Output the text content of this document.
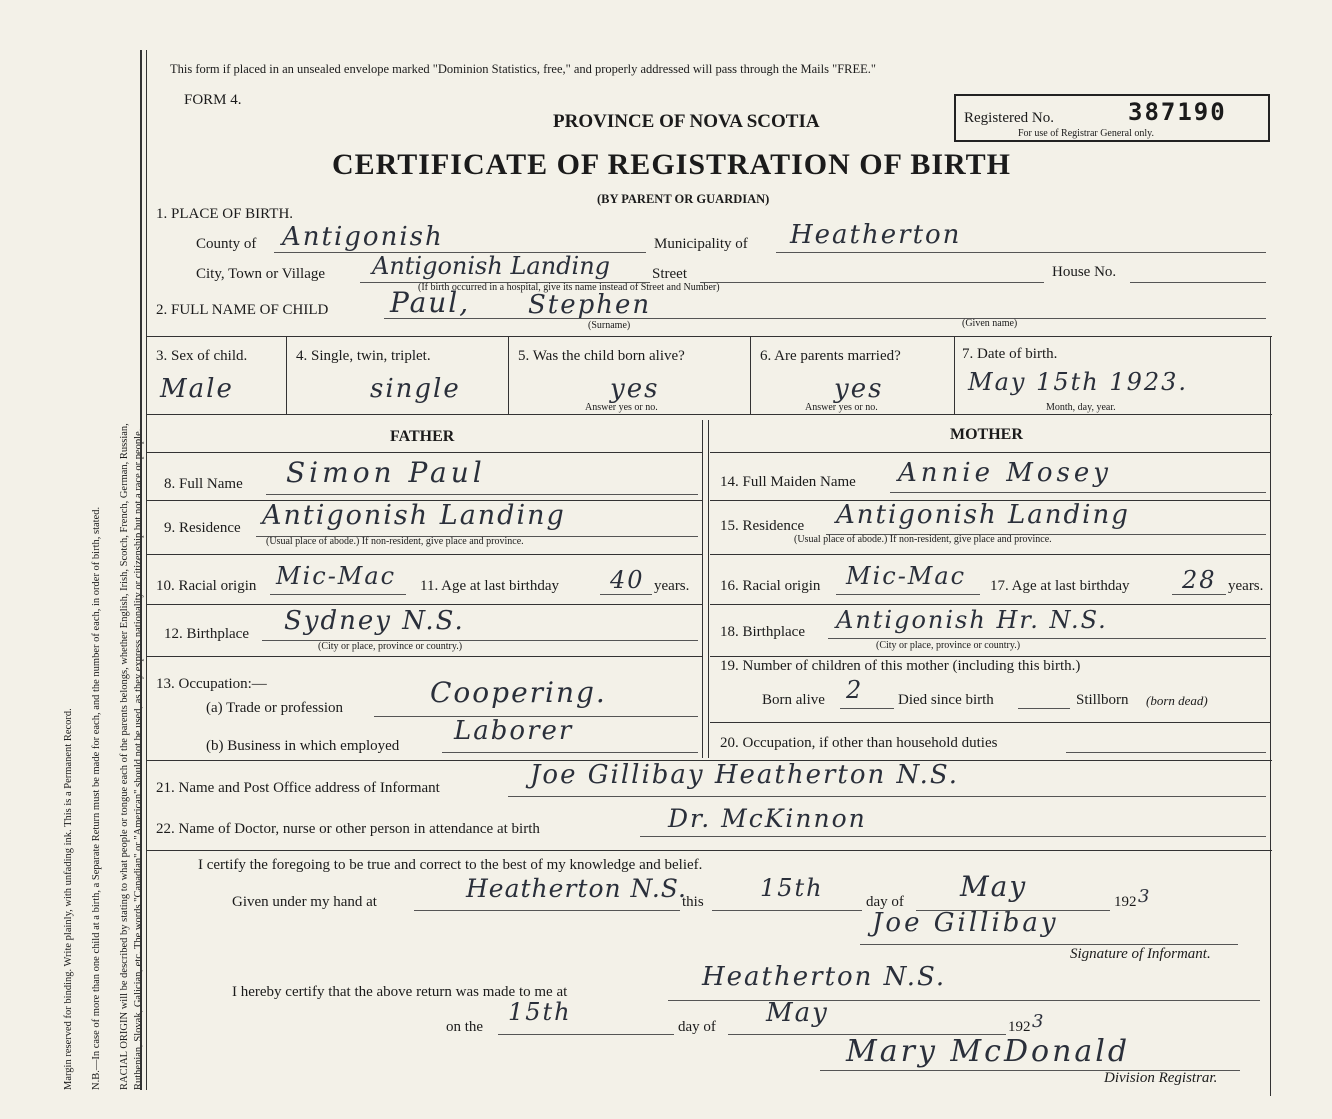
Margin reserved for binding. Write plainly, with unfading ink. This is a Permanent Record. N.B.—In case of more than one child at a birth, a Separate Return must be made for each, and the number of each, in order of birth, stated. RACIAL ORIGIN will be described by stating to what people or tongue each of the parents belongs, whether English, Irish, Scotch, French, German, Russian, Ruthenian, Slovak, Galician, etc. The words "Canadian" or "American" should not be used, as they express nationality or citizenship but not a race or people.

This form if placed in an unsealed envelope marked "Dominion Statistics, free," and properly addressed will pass through the Mails "FREE."
FORM 4.
PROVINCE OF NOVA SCOTIA
CERTIFICATE OF REGISTRATION OF BIRTH
(BY PARENT OR GUARDIAN)
Registered No.	387190
For use of Registrar General only.
1. PLACE OF BIRTH.
County of Antigonish	Municipality of Heatherton
City, Town or Village Antigonish Landing	Street	House No.
(If birth occurred in a hospital, give its name instead of Street and Number)
2. FULL NAME OF CHILD Paul, Stephen
(Surname)	(Given name)
3. Sex of child.
Male
4. Single, twin, triplet.
single
5. Was the child born alive?
yes
Answer yes or no.
6. Are parents married?
yes
Answer yes or no.
7. Date of birth.
May 15th 1923.
Month, day, year.
FATHER	MOTHER
8. Full Name Simon Paul
9. Residence Antigonish Landing
(Usual place of abode.) If non-resident, give place and province.
10. Racial origin Mic-Mac 11. Age at last birthday 40 years.
12. Birthplace Sydney N.S.
(City or place, province or country.)
13. Occupation:—
(a) Trade or profession	Coopering.
(b) Business in which employed Laborer
14. Full Maiden Name Annie Mosey
15. Residence Antigonish Landing
(Usual place of abode.) If non-resident, give place and province.
16. Racial origin Mic-Mac 17. Age at last birthday 28 years.
18. Birthplace Antigonish Hr. N.S.
(City or place, province or country.)
19. Number of children of this mother (including this birth.)
Born alive 2 Died since birth	Stillborn (born dead)
20. Occupation, if other than household duties
21. Name and Post Office address of Informant	Joe Gillibay Heatherton N.S.
22. Name of Doctor, nurse or other person in attendance at birth	Dr. McKinnon
I certify the foregoing to be true and correct to the best of my knowledge and belief.
Given under my hand at	Heatherton N.S.
this 15th	day of May	192 3
Joe Gillibay
Signature of Informant.
I hereby certify that the above return was made to me at	Heatherton N.S.
on the
15th
day of May	192 3
Mary McDonald
Division Registrar.
